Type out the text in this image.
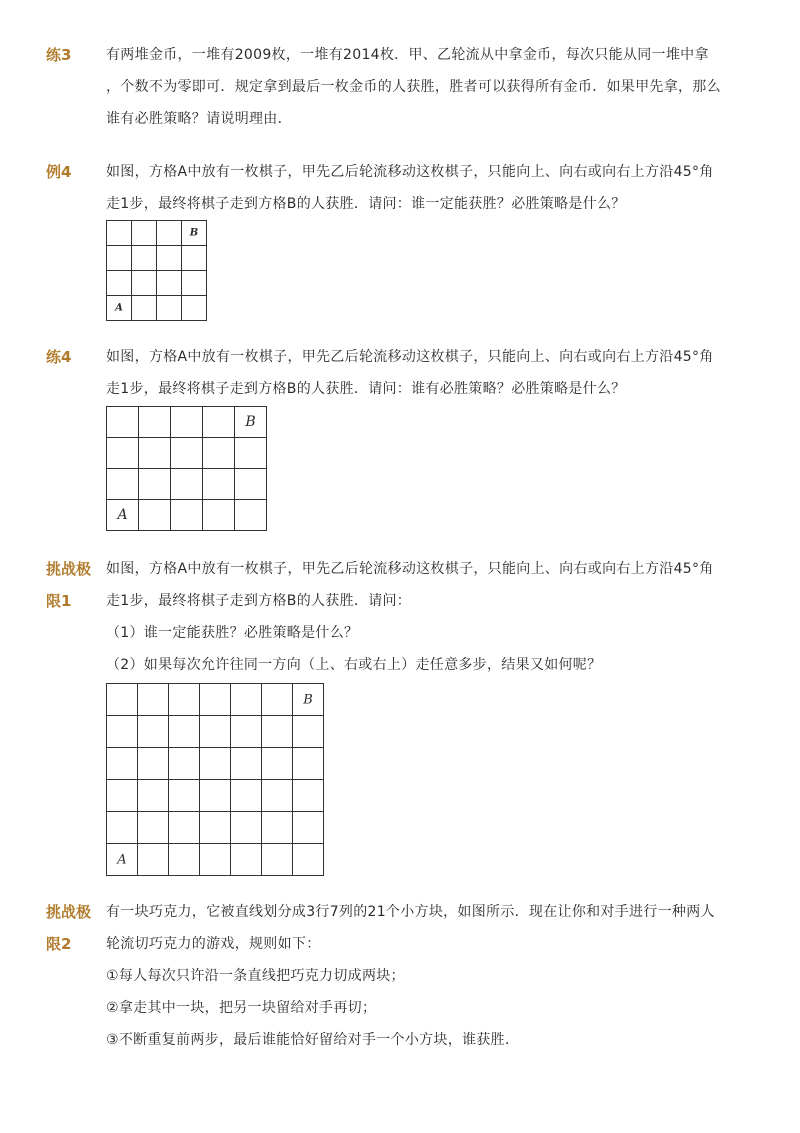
练3	有两堆金币，一堆有2009枚，一堆有2014枚．甲、乙轮流从中拿金币，每次只能从同一堆中拿

，个数不为零即可．规定拿到最后一枚金币的人获胜，胜者可以获得所有金币．如果甲先拿，那么

谁有必胜策略？请说明理由．

例4	如图，方格A中放有一枚棋子，甲先乙后轮流移动这枚棋子，只能向上、向右或向右上方沿45°角

走1步，最终将棋子走到方格B的人获胜．请问：谁一定能获胜？必胜策略是什么？

			B

A			

练4	如图，方格A中放有一枚棋子，甲先乙后轮流移动这枚棋子，只能向上、向右或向右上方沿45°角

走1步，最终将棋子走到方格B的人获胜．请问：谁有必胜策略？必胜策略是什么？

				B

A				

挑战极
限1

如图，方格A中放有一枚棋子，甲先乙后轮流移动这枚棋子，只能向上、向右或向右上方沿45°角

走1步，最终将棋子走到方格B的人获胜．请问：

（1）谁一定能获胜？必胜策略是什么？

（2）如果每次允许往同一方向（上、右或右上）走任意多步，结果又如何呢？

						B

A						

挑战极
限2

有一块巧克力，它被直线划分成3行7列的21个小方块，如图所示．现在让你和对手进行一种两人

轮流切巧克力的游戏，规则如下：

①每人每次只许沿一条直线把巧克力切成两块；

②拿走其中一块，把另一块留给对手再切；

③不断重复前两步，最后谁能恰好留给对手一个小方块，谁获胜．
